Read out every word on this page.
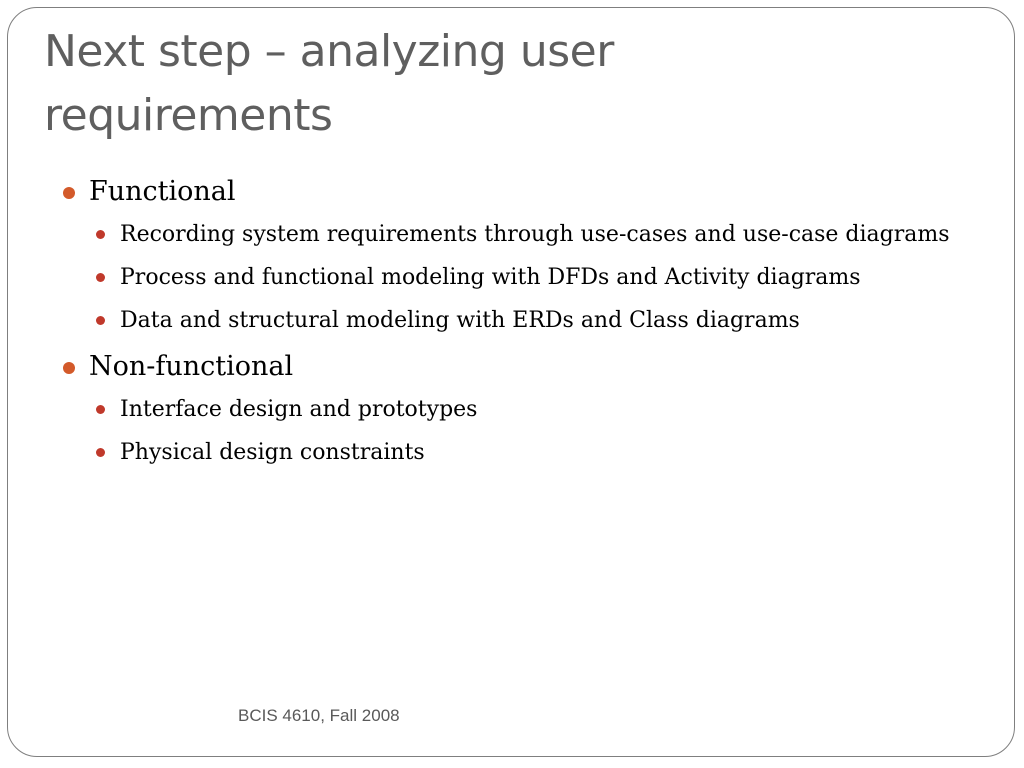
Next step – analyzing user requirements
Functional
Recording system requirements through use-cases and use-case diagrams
Process and functional modeling with DFDs and Activity diagrams
Data and structural modeling with ERDs and Class diagrams
Non-functional
Interface design and prototypes
Physical design constraints
BCIS 4610, Fall 2008
